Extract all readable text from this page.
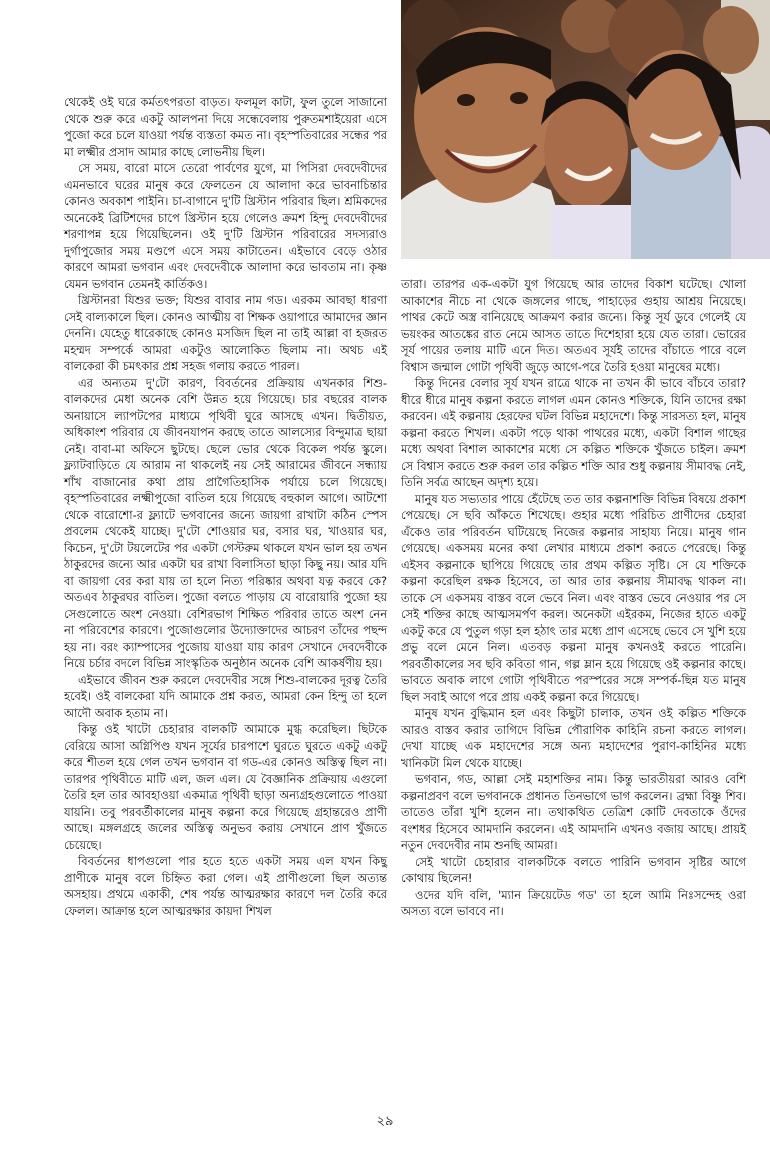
থেকেই ওই ঘরে কর্মতৎপরতা বাড়ত। ফলমূল কাটা, ফুল তুলে সাজানো থেকে শুরু করে একটু আলপনা দিয়ে সন্ধেবেলায় পুরুতমশাইয়েরা এসে পুজো করে চলে যাওয়া পর্যন্ত ব্যস্ততা কমত না। বৃহস্পতিবারের সন্ধের পর মা লক্ষ্মীর প্রসাদ আমার কাছে লোভনীয় ছিল।

সে সময়, বারো মাসে তেরো পার্বণের যুগে, মা পিসিরা দেবদেবীদের এমনভাবে ঘরের মানুষ করে ফেলতেন যে আলাদা করে ভাবনাচিন্তার কোনও অবকাশ পাইনি। চা-বাগানে দু'টি খ্রিস্টান পরিবার ছিল। শ্রমিকদের অনেকেই ব্রিটিশদের চাপে খ্রিস্টান হয়ে গেলেও ক্রমশ হিন্দু দেবদেবীদের শরণাপন্ন হয়ে গিয়েছিলেন। ওই দু'টি খ্রিস্টান পরিবারের সদস্যরাও দুর্গাপুজোর সময় মণ্ডপে এসে সময় কাটাতেন। এইভাবে বেড়ে ওঠার কারণে আমরা ভগবান এবং দেবদেবীকে আলাদা করে ভাবতাম না। কৃষ্ণ যেমন ভগবান তেমনই কার্তিকও।

খ্রিস্টানরা যিশুর ভক্ত; যিশুর বাবার নাম গড। এরকম আবছা ধারণা সেই বাল্যকালে ছিল। কোনও আত্মীয় বা শিক্ষক ওয়াপারে আমাদের জ্ঞান দেননি। যেহেতু ধারেকাছে কোনও মসজিদ ছিল না তাই আল্লা বা হজরত মহম্মদ সম্পর্কে আমরা একটুও আলোকিত ছিলাম না। অথচ এই বালকেরা কী চমৎকার প্রশ্ন সহজ গলায় করতে পারল।

এর অন্যতম দু'টো কারণ, বিবর্তনের প্রক্রিয়ায় এখনকার শিশু-বালকদের মেধা অনেক বেশি উন্নত হয়ে গিয়েছে। চার বছরের বালক অনায়াসে ল্যাপটপের মাধ্যমে পৃথিবী ঘুরে আসছে এখন। দ্বিতীয়ত, অধিকাংশ পরিবার যে জীবনযাপন করছে তাতে আলস্যের বিন্দুমাত্র ছায়া নেই। বাবা-মা অফিসে ছুটছে। ছেলে ভোর থেকে বিকেল পর্যন্ত স্কুলে। ফ্ল্যাটবাড়িতে যে আরাম না থাকলেই নয় সেই আরামের জীবনে সন্ধ্যায় শাঁখ বাজানোর কথা প্রায় প্রাগৈতিহাসিক পর্যায়ে চলে গিয়েছে। বৃহস্পতিবারের লক্ষ্মীপুজো বাতিল হয়ে গিয়েছে বহুকাল আগে। আটশো থেকে বারোশো-র ফ্ল্যাটে ভগবানের জন্যে জায়গা রাখাটা কঠিন স্পেস প্রবলেম থেকেই যাচ্ছে। দু'টো শোওয়ার ঘর, বসার ঘর, খাওয়ার ঘর, কিচেন, দু'টো টয়লেটের পর একটা গেস্টরুম থাকলে যখন ভাল হয় তখন ঠাকুরদের জন্যে আর একটা ঘর রাখা বিলাসিতা ছাড়া কিছু নয়। আর যদি বা জায়গা বের করা যায় তা হলে নিত্য পরিষ্কার অথবা যত্ন করবে কে? অতএব ঠাকুরঘর বাতিল। পুজো বলতে পাড়ায় যে বারোয়ারি পুজো হয় সেগুলোতে অংশ নেওয়া। বেশিরভাগ শিক্ষিত পরিবার তাতে অংশ নেন না পরিবেশের কারণে। পুজোগুলোর উদ্যোক্তাদের আচরণ তাঁদের পছন্দ হয় না। বরং ক্যাম্পাসের পুজোয় যাওয়া যায় কারণ সেখানে দেবদেবীকে নিয়ে চর্চার বদলে বিভিন্ন সাংস্কৃতিক অনুষ্ঠান অনেক বেশি আকর্ষণীয় হয়।

এইভাবে জীবন শুরু করলে দেবদেবীর সঙ্গে শিশু-বালকের দূরত্ব তৈরি হবেই। ওই বালকেরা যদি আমাকে প্রশ্ন করত, আমরা কেন হিন্দু তা হলে আদৌ অবাক হতাম না।

কিন্তু ওই খাটো চেহারার বালকটি আমাকে মুগ্ধ করেছিল। ছিটকে বেরিয়ে আসা অগ্নিপিণ্ড যখন সূর্যের চারপাশে ঘুরতে ঘুরতে একটু একটু করে শীতল হয়ে গেল তখন ভগবান বা গড-এর কোনও অস্তিত্ব ছিল না। তারপর পৃথিবীতে মাটি এল, জল এল। যে বৈজ্ঞানিক প্রক্রিয়ায় এগুলো তৈরি হল তার আবহাওয়া একমাত্র পৃথিবী ছাড়া অন্যগ্রহগুলোতে পাওয়া যায়নি। তবু পরবর্তীকালের মানুষ কল্পনা করে গিয়েছে গ্রহান্তরেও প্রাণী আছে। মঙ্গলগ্রহে জলের অস্তিত্ব অনুভব করায় সেখানে প্রাণ খুঁজতে চেয়েছে।

বিবর্তনের ধাপগুলো পার হতে হতে একটা সময় এল যখন কিছু প্রাণীকে মানুষ বলে চিহ্নিত করা গেল। এই প্রাণীগুলো ছিল অত্যন্ত অসহায়। প্রথমে একাকী, শেষ পর্যন্ত আত্মরক্ষার কারণে দল তৈরি করে ফেলল। আক্রান্ত হলে আত্মরক্ষার কায়দা শিখল

তারা। তারপর এক-একটা যুগ গিয়েছে আর তাদের বিকাশ ঘটেছে। খোলা আকাশের নীচে না থেকে জঙ্গলের গাছে, পাহাড়ের গুহায় আশ্রয় নিয়েছে। পাথর কেটে অস্ত্র বানিয়েছে আক্রমণ করার জন্যে। কিন্তু সূর্য ডুবে গেলেই যে ভয়ংকর আতঙ্কের রাত নেমে আসত তাতে দিশেহারা হয়ে যেত তারা। ভোরের সূর্য পায়ের তলায় মাটি এনে দিত। অতএব সূর্যই তাদের বাঁচাতে পারে বলে বিশ্বাস জন্মাল গোটা পৃথিবী জুড়ে আগে-পরে তৈরি হওয়া মানুষের মধ্যে।

কিন্তু দিনের বেলার সূর্য যখন রাত্রে থাকে না তখন কী ভাবে বাঁচবে তারা? ধীরে ধীরে মানুষ কল্পনা করতে লাগল এমন কোনও শক্তিকে, যিনি তাদের রক্ষা করবেন। এই কল্পনায় হেরফের ঘটল বিভিন্ন মহাদেশে। কিন্তু সারসত্য হল, মানুষ কল্পনা করতে শিখল। একটা পড়ে থাকা পাথরের মধ্যে, একটা বিশাল গাছের মধ্যে অথবা বিশাল আকাশের মধ্যে সে কল্পিত শক্তিকে খুঁজতে চাইল। ক্রমশ সে বিশ্বাস করতে শুরু করল তার কল্পিত শক্তি আর শুধু কল্পনায় সীমাবদ্ধ নেই, তিনি সর্বত্র আছেন অদৃশ্য হয়ে।

মানুষ যত সভ্যতার পায়ে হেঁটেছে তত তার কল্পনাশক্তি বিভিন্ন বিষয়ে প্রকাশ পেয়েছে। সে ছবি আঁকতে শিখেছে। গুহার মধ্যে পরিচিত প্রাণীদের চেহারা এঁকেও তার পরিবর্তন ঘটিয়েছে নিজের কল্পনার সাহায্য নিয়ে। মানুষ গান গেয়েছে। একসময় মনের কথা লেখার মাধ্যমে প্রকাশ করতে পেরেছে। কিন্তু এইসব কল্পনাকে ছাপিয়ে গিয়েছে তার প্রথম কল্পিত সৃষ্টি। সে যে শক্তিকে কল্পনা করেছিল রক্ষক হিসেবে, তা আর তার কল্পনায় সীমাবদ্ধ থাকল না। তাকে সে একসময় বাস্তব বলে ভেবে নিল। এবং বাস্তব ভেবে নেওয়ার পর সে সেই শক্তির কাছে আত্মসমর্পণ করল। অনেকটা এইরকম, নিজের হাতে একটু একটু করে যে পুতুল গড়া হল হঠাৎ তার মধ্যে প্রাণ এসেছে ভেবে সে খুশি হয়ে প্রভু বলে মেনে নিল। এতবড় কল্পনা মানুষ কখনওই করতে পারেনি। পরবর্তীকালের সব ছবি কবিতা গান, গল্প ম্লান হয়ে গিয়েছে ওই কল্পনার কাছে। ভাবতে অবাক লাগে গোটা পৃথিবীতে পরস্পরের সঙ্গে সম্পর্ক-ছিন্ন যত মানুষ ছিল সবাই আগে পরে প্রায় একই কল্পনা করে গিয়েছে।

মানুষ যখন বুদ্ধিমান হল এবং কিছুটা চালাক, তখন ওই কল্পিত শক্তিকে আরও বাস্তব করার তাগিদে বিভিন্ন পৌরাণিক কাহিনি রচনা করতে লাগল। দেখা যাচ্ছে এক মহাদেশের সঙ্গে অন্য মহাদেশের পুরাণ-কাহিনির মধ্যে খানিকটা মিল থেকে যাচ্ছে।

ভগবান, গড, আল্লা সেই মহাশক্তির নাম। কিন্তু ভারতীয়রা আরও বেশি কল্পনাপ্রবণ বলে ভগবানকে প্রধানত তিনভাগে ভাগ করলেন। ব্রহ্মা বিষ্ণু শিব। তাতেও তাঁরা খুশি হলেন না। তথাকথিত তেত্রিশ কোটি দেবতাকে ওঁদের বংশধর হিসেবে আমদানি করলেন। এই আমদানি এখনও বজায় আছে। প্রায়ই নতুন দেবদেবীর নাম শুনছি আমরা।

সেই খাটো চেহারার বালকটিকে বলতে পারিনি ভগবান সৃষ্টির আগে কোথায় ছিলেন!

ওদের যদি বলি, 'ম্যান ক্রিয়েটেড গড' তা হলে আমি নিঃসন্দেহ ওরা অসত্য বলে ভাববে না।

২৯
